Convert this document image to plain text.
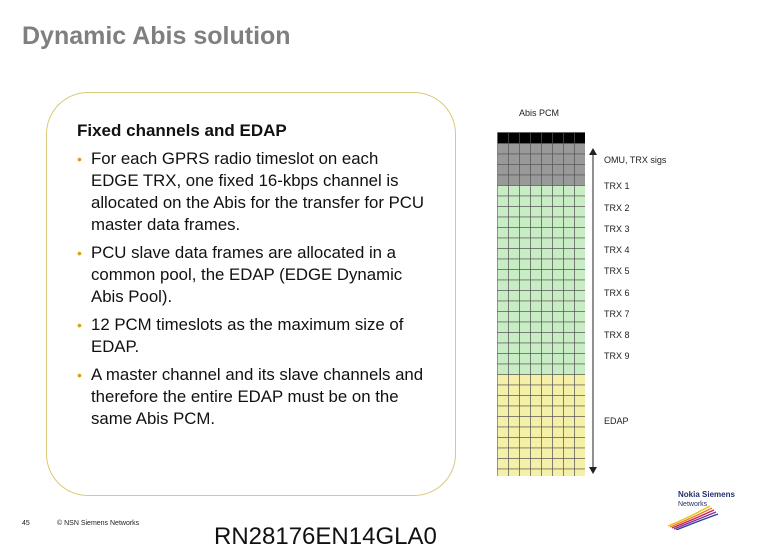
Dynamic Abis solution
Fixed channels and EDAP
• For each GPRS radio timeslot on each EDGE TRX, one fixed 16-kbps channel is allocated on the Abis for the transfer for PCU master data frames.
• PCU slave data frames are allocated in a common pool, the EDAP (EDGE Dynamic Abis Pool).
• 12 PCM timeslots as the maximum size of EDAP.
• A master channel and its slave channels and therefore the entire EDAP must be on the same Abis PCM.
Abis PCM
OMU, TRX sigs
TRX 1
TRX 2
TRX 3
TRX 4
TRX 5
TRX 6
TRX 7
TRX 8
TRX 9
EDAP
45	© NSN Siemens Networks	RN28176EN14GLA0
Nokia Siemens
Networks
